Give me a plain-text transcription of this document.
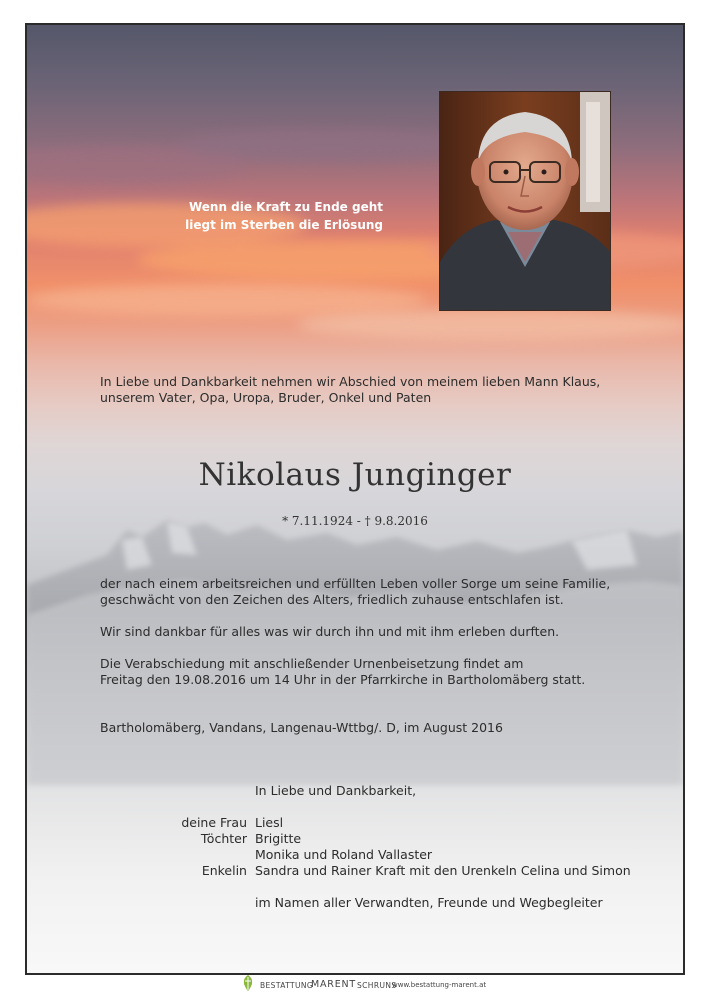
Wenn die Kraft zu Ende geht
liegt im Sterben die Erlösung
In Liebe und Dankbarkeit nehmen wir Abschied von meinem lieben Mann Klaus,
unserem Vater, Opa, Uropa, Bruder, Onkel und Paten
Nikolaus Junginger
* 7.11.1924 - † 9.8.2016
der nach einem arbeitsreichen und erfüllten Leben voller Sorge um seine Familie,
geschwächt von den Zeichen des Alters, friedlich zuhause entschlafen ist.
Wir sind dankbar für alles was wir durch ihn und mit ihm erleben durften.
Die Verabschiedung mit anschließender Urnenbeisetzung findet am
Freitag den 19.08.2016 um 14 Uhr in der Pfarrkirche in Bartholomäberg statt.
Bartholomäberg, Vandans, Langenau-Wttbg/. D, im August 2016
In Liebe und Dankbarkeit,
deine Frau Liesl
Töchter Brigitte
Monika und Roland Vallaster
Enkelin Sandra und Rainer Kraft mit den Urenkeln Celina und Simon
im Namen aller Verwandten, Freunde und Wegbegleiter
BESTATTUNG
MARENT SCHRUNS
www.bestattung-marent.at
